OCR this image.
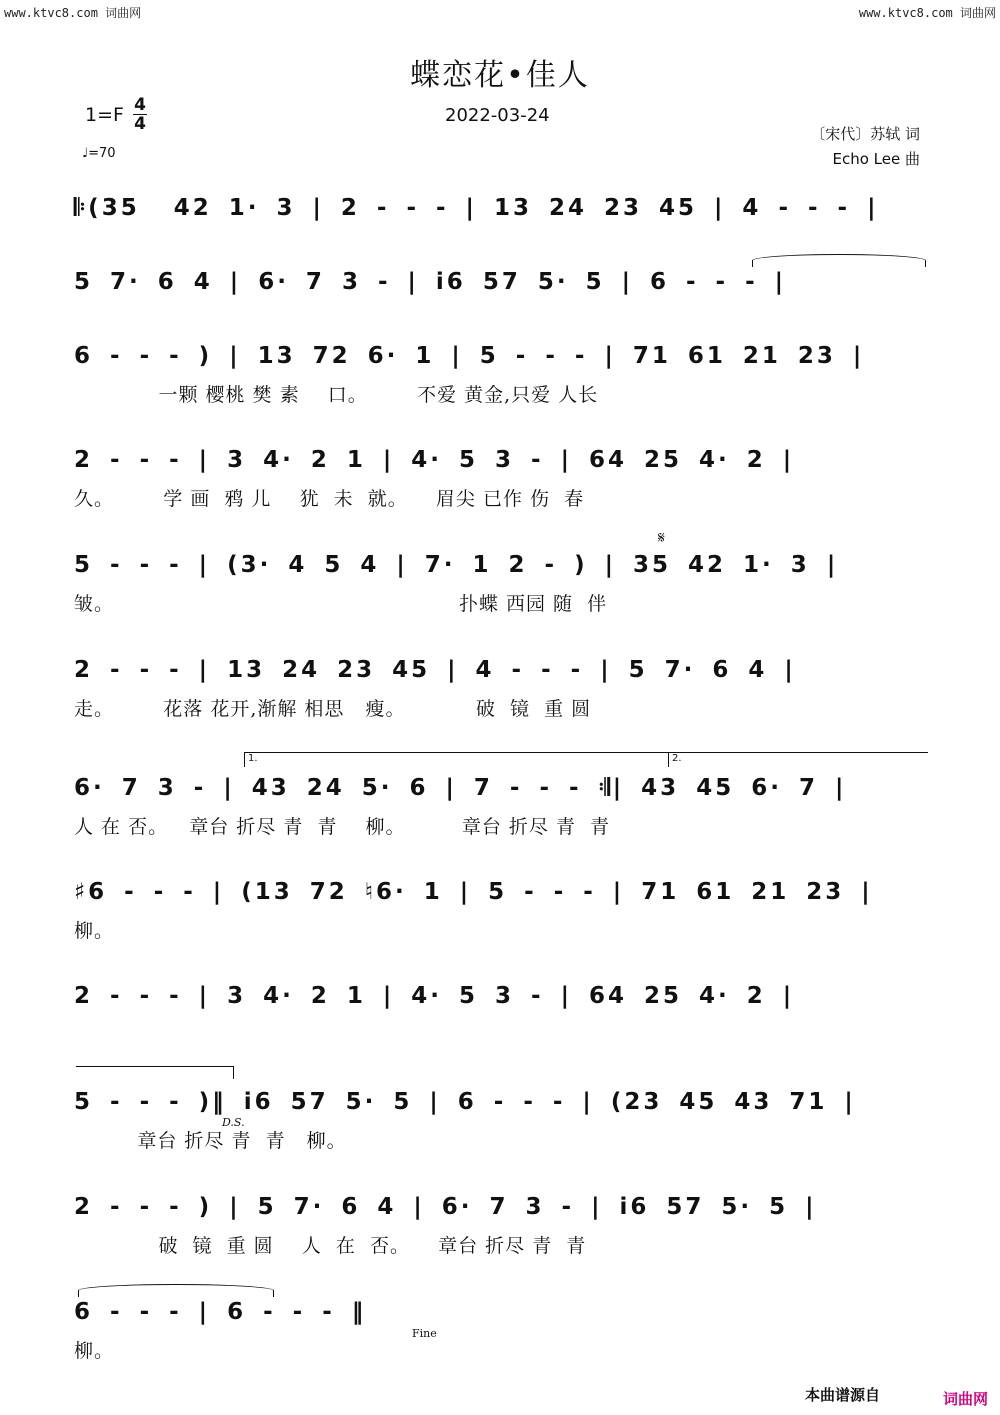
www.ktvc8.com 词曲网	www.ktvc8.com 词曲网
蝶恋花•佳人
1=F 4
4	2022-03-24
♩=70
〔宋代〕苏轼 词
Echo Lee 曲
𝄆(35  42 1· 3 | 2 - - - | 13 24 23 45 | 4 - - - |
5 7· 6 4 | 6· 7 3 - | i6 57 5· 5 | 6 - - - |
6 - - - ) | 13 72 6· 1 | 5 - - - | 71 61 21 23 |
一颗 樱桃 樊 素    口。       不爱 黄金,只爱 人长
2 - - - | 3 4· 2 1 | 4· 5 3 - | 64 25 4· 2 |
久。       学 画  鸦 儿    犹  未  就。    眉尖 已作 伤  春
5 - - - | (3· 4 5 4 | 7· 1 2 - ) | 35 42 1· 3 |
皱。                                                 扑蝶 西园 随  伴
2 - - - | 13 24 23 45 | 4 - - - | 5 7· 6 4 |
走。       花落 花开,渐解 相思   瘦。          破  镜  重 圆
6· 7 3 - | 43 24 5· 6 | 7 - - - 𝄇| 43 45 6· 7 |
人 在 否。   章台 折尽 青  青    柳。        章台 折尽 青  青
♯6 - - - | (13 72 ♮6· 1 | 5 - - - | 71 61 21 23 |
柳。
2 - - - | 3 4· 2 1 | 4· 5 3 - | 64 25 4· 2 |
5 - - - )‖ i6 57 5· 5 | 6 - - - | (23 45 43 71 |
章台 折尽 青  青   柳。
2 - - - ) | 5 7· 6 4 | 6· 7 3 - | i6 57 5· 5 |
破  镜  重 圆    人  在  否。    章台 折尽 青  青
6 - - - | 6 - - - ‖
柳。
𝄋
1.	2.
D.S.
Fine
本曲谱源自	词曲网
